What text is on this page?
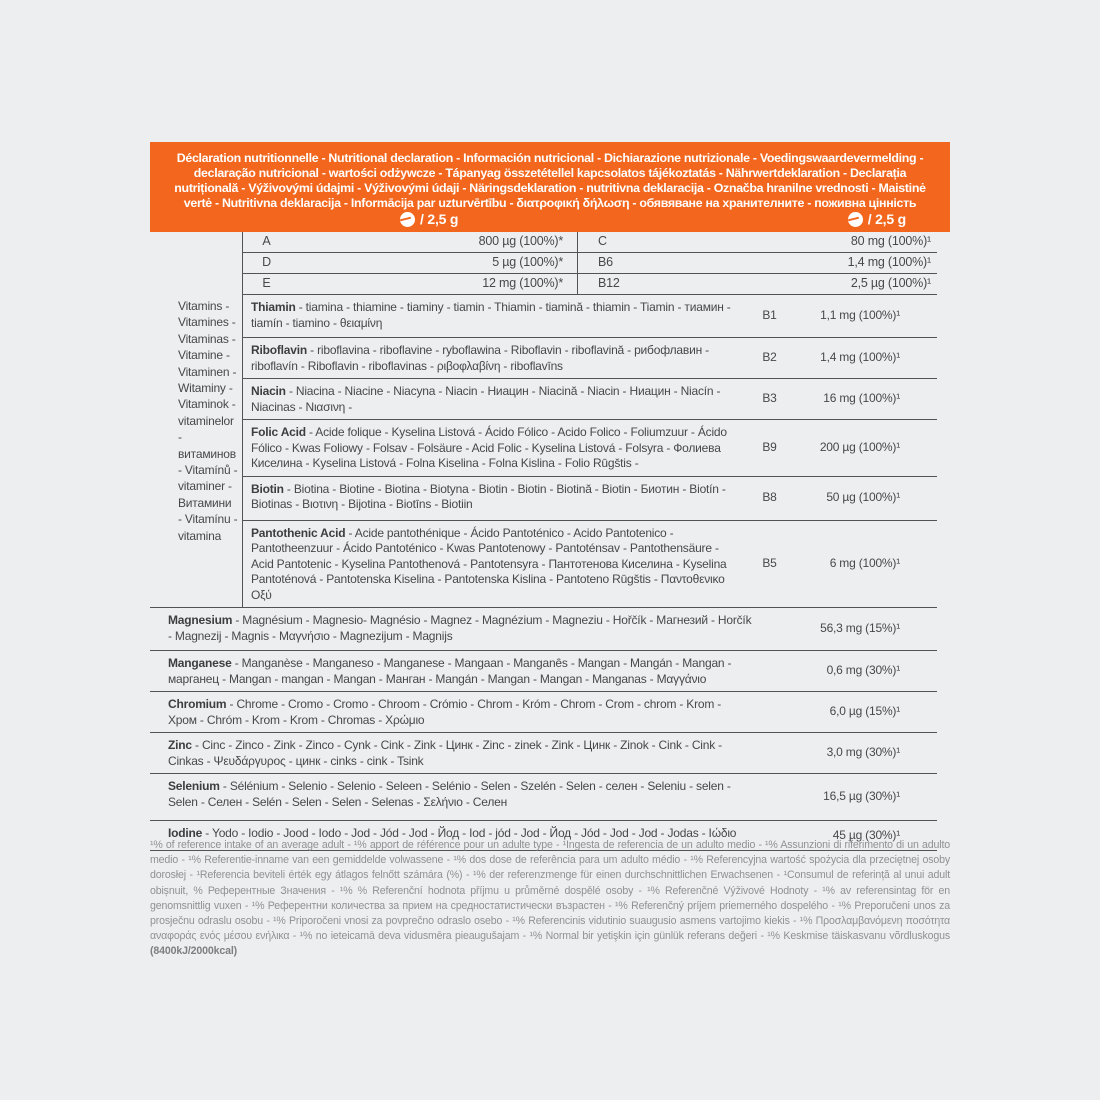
Déclaration nutritionnelle - Nutritional declaration - Información nutricional - Dichiarazione nutrizionale - Voedingswaardevermelding - declaração nutricional - wartości odżywcze - Tápanyag összetétellel kapcsolatos tájékoztatás - Nährwertdeklaration - Declarația nutrițională - Výživovými údajmi - Výživovými údaji - Näringsdeklaration - nutritivna deklaracija - Označba hranilne vrednosti - Maistinė vertė - Nutritivna deklaracija - Informācija par uzturvērtību - διατροφική δήλωση - обявяване на хранителните - поживна цінність
/ 2,5 g	/ 2,5 g
Vitamins - Vitamines - Vitaminas - Vitamine - Vitaminen - Witaminy - Vitaminok - vitaminelor - витаминов - Vitamínů - vitaminer - Витамини - Vitamínu - vitamina
A	800 µg (100%)*	C	80 mg (100%)¹
D	5 µg (100%)*	B6	1,4 mg (100%)¹
E	12 mg (100%)*	B12	2,5 µg (100%)¹
Thiamin - tiamina - thiamine - tiaminy - tiamin - Thiamin - tiamină - thiamin - Tiamin - тиамин - tiamín - tiamino - θειαμίνη
B1	1,1 mg (100%)¹
Riboflavin - riboflavina - riboflavine - ryboflawina - Riboflavin - riboflavină - рибофлавин - riboflavín - Riboflavin - riboflavinas - ριβοφλαβίνη - riboflavīns
B2	1,4 mg (100%)¹
Niacin - Niacina - Niacine - Niacyna - Niacin - Ниацин - Niacină - Niacin - Ниацин - Niacín - Niacinas - Νιασινη -
B3	16 mg (100%)¹
Folic Acid - Acide folique - Kyselina Listová - Ácido Fólico - Acido Folico - Foliumzuur - Ácido Fólico - Kwas Foliowy - Folsav - Folsäure - Acid Folic - Kyselina Listová - Folsyra - Фолиева Киселина - Kyselina Listová - Folna Kiselina - Folna Kislina - Folio Rūgštis -
B9	200 µg (100%)¹
Biotin - Biotina - Biotine - Biotina - Biotyna - Biotin - Biotin - Biotină - Biotin - Биотин - Biotín - Biotinas - Βιοτινη - Bijotina - Biotīns - Biotiin	B8	50 µg (100%)¹
Pantothenic Acid - Acide pantothénique - Ácido Pantoténico - Acido Pantotenico - Pantotheenzuur - Ácido Pantoténico - Kwas Pantotenowy - Pantoténsav - Pantothensäure - Acid Pantotenic - Kyselina Pantothenová - Pantotensyra - Пантотенова Киселина - Kyselina Pantoténová - Pantotenska Kiselina - Pantotenska Kislina - Pantoteno Rūgštis - Παντοθενικο Οξύ
B5	6 mg (100%)¹
Magnesium - Magnésium - Magnesio- Magnésio - Magnez - Magnézium - Magneziu - Hořčík - Магнезий - Horčík - Magnezij - Magnis - Μαγνήσιο - Magnezijum - Magnijs
56,3 mg (15%)¹
Manganese - Manganèse - Manganeso - Manganese - Mangaan - Manganês - Mangan - Mangán - Mangan - марганец - Mangan - mangan - Mangan - Манган - Mangán - Mangan - Mangan - Manganas - Μαγγάνιο
0,6 mg (30%)¹
Chromium - Chrome - Cromo - Cromo - Chroom - Crómio - Chrom - Króm - Chrom - Crom - chrom - Krom - Хром - Chróm - Krom - Krom - Chromas - Χρώμιο
6,0 µg (15%)¹
Zinc - Cinc - Zinco - Zink - Zinco - Cynk - Cink - Zink - Цинк - Zinc - zinek - Zink - Цинк - Zinok - Cink - Cink - Cinkas - Ψευδάργυρος - цинк - cinks - cink - Tsink
3,0 mg (30%)¹
Selenium - Sélénium - Selenio - Selenio - Seleen - Selénio - Selen - Szelén - Selen - селен - Seleniu - selen - Selen - Селен - Selén - Selen - Selen - Selenas - Σελήνιο - Селен	16,5 µg (30%)¹
Iodine - Yodo - Iodio - Jood - Iodo - Jod - Jód - Jod - Йод - Iod - jód - Jod - Йод - Jód - Jod - Jod - Jodas - Ιώδιο	45 µg (30%)¹
¹% of reference intake of an average adult - ¹% apport de référence pour un adulte type - ¹Ingesta de referencia de un adulto medio - ¹% Assunzioni di riferimento di un adulto medio - ¹% Referentie-inname van een gemiddelde volwassene - ¹% dos dose de referência para um adulto médio - ¹% Referencyjna wartość spożycia dla przeciętnej osoby dorosłej - ¹Referencia beviteli érték egy átlagos felnőtt számára (%) - ¹% der referenzmenge für einen durchschnittlichen Erwachsenen - ¹Consumul de referință al unui adult obișnuit, % Референтные Значения - ¹% % Referenční hodnota příjmu u průměrné dospělé osoby - ¹% Referenčné Výživové Hodnoty - ¹% av referensintag för en genomsnittlig vuxen - ¹% Референтни количества за прием на средностатистически възрастен - ¹% Referenčný príjem priemerného dospelého - ¹% Preporučeni unos za prosječnu odraslu osobu - ¹% Priporočeni vnosi za povprečno odraslo osebo - ¹% Referencinis vidutinio suaugusio asmens vartojimo kiekis - ¹% Προσλαμβανόμενη ποσότητα αναφοράς ενός μέσου ενήλικα - ¹% no ieteicamā deva vidusmēra pieaugušajam - ¹% Normal bir yetişkin için günlük referans değeri - ¹% Keskmise täiskasvanu võrdluskogus (8400kJ/2000kcal)
